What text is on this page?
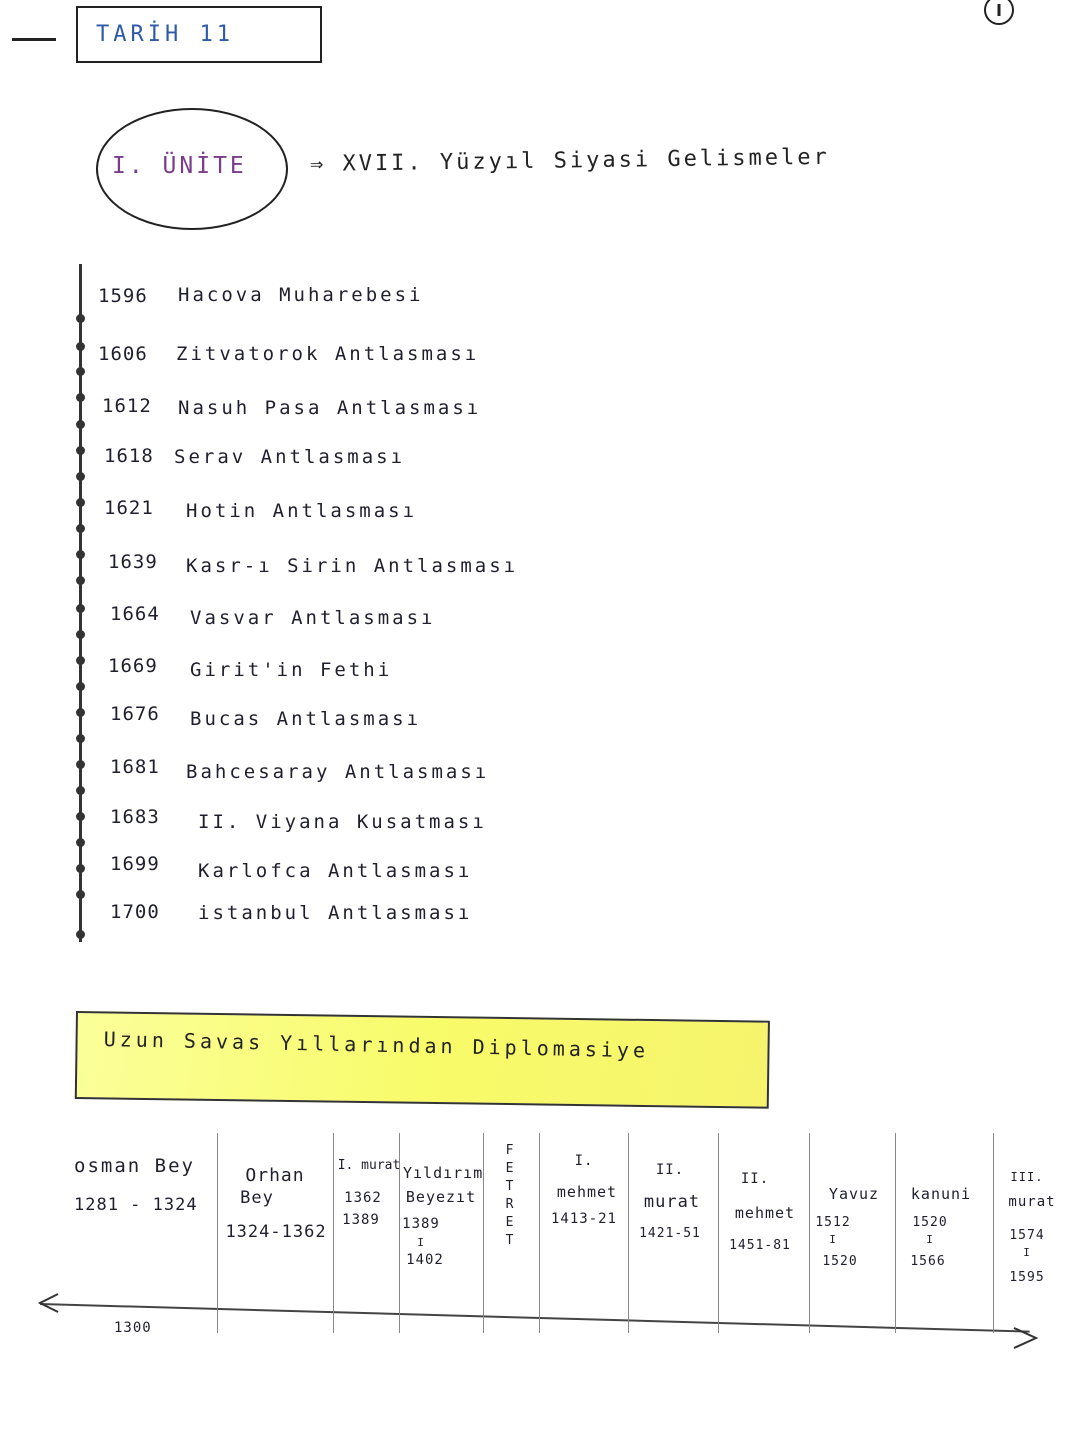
TARİH 11
I. ÜNİTE	⇒ XVII. Yüzyıl Siyasi Gelismeler
1596 Hacova Muharebesi
1606 Zitvatorok Antlasması
1612 Nasuh Pasa Antlasması
1618 Serav Antlasması
1621 Hotin Antlasması
1639 Kasr-ı Sirin Antlasması
1664 Vasvar Antlasması
1669 Girit'in Fethi
1676 Bucas Antlasması
1681 Bahcesaray Antlasması
1683 II. Viyana Kusatması
1699 Karlofca Antlasması
1700 istanbul Antlasması
Uzun Savas Yıllarından Diplomasiye
osman Bey
1281 - 1324
1300
Orhan
Bey
1324-1362
I. murat
1362
1389
Yıldırım
Beyezıt
1389
I
1402
F
E
T
R
E
T
I.
mehmet
1413-21
II.
murat
1421-51
II.
mehmet
1451-81
Yavuz
1512
I
1520
kanuni
1520
I
1566
III.
murat
1574
I
1595
